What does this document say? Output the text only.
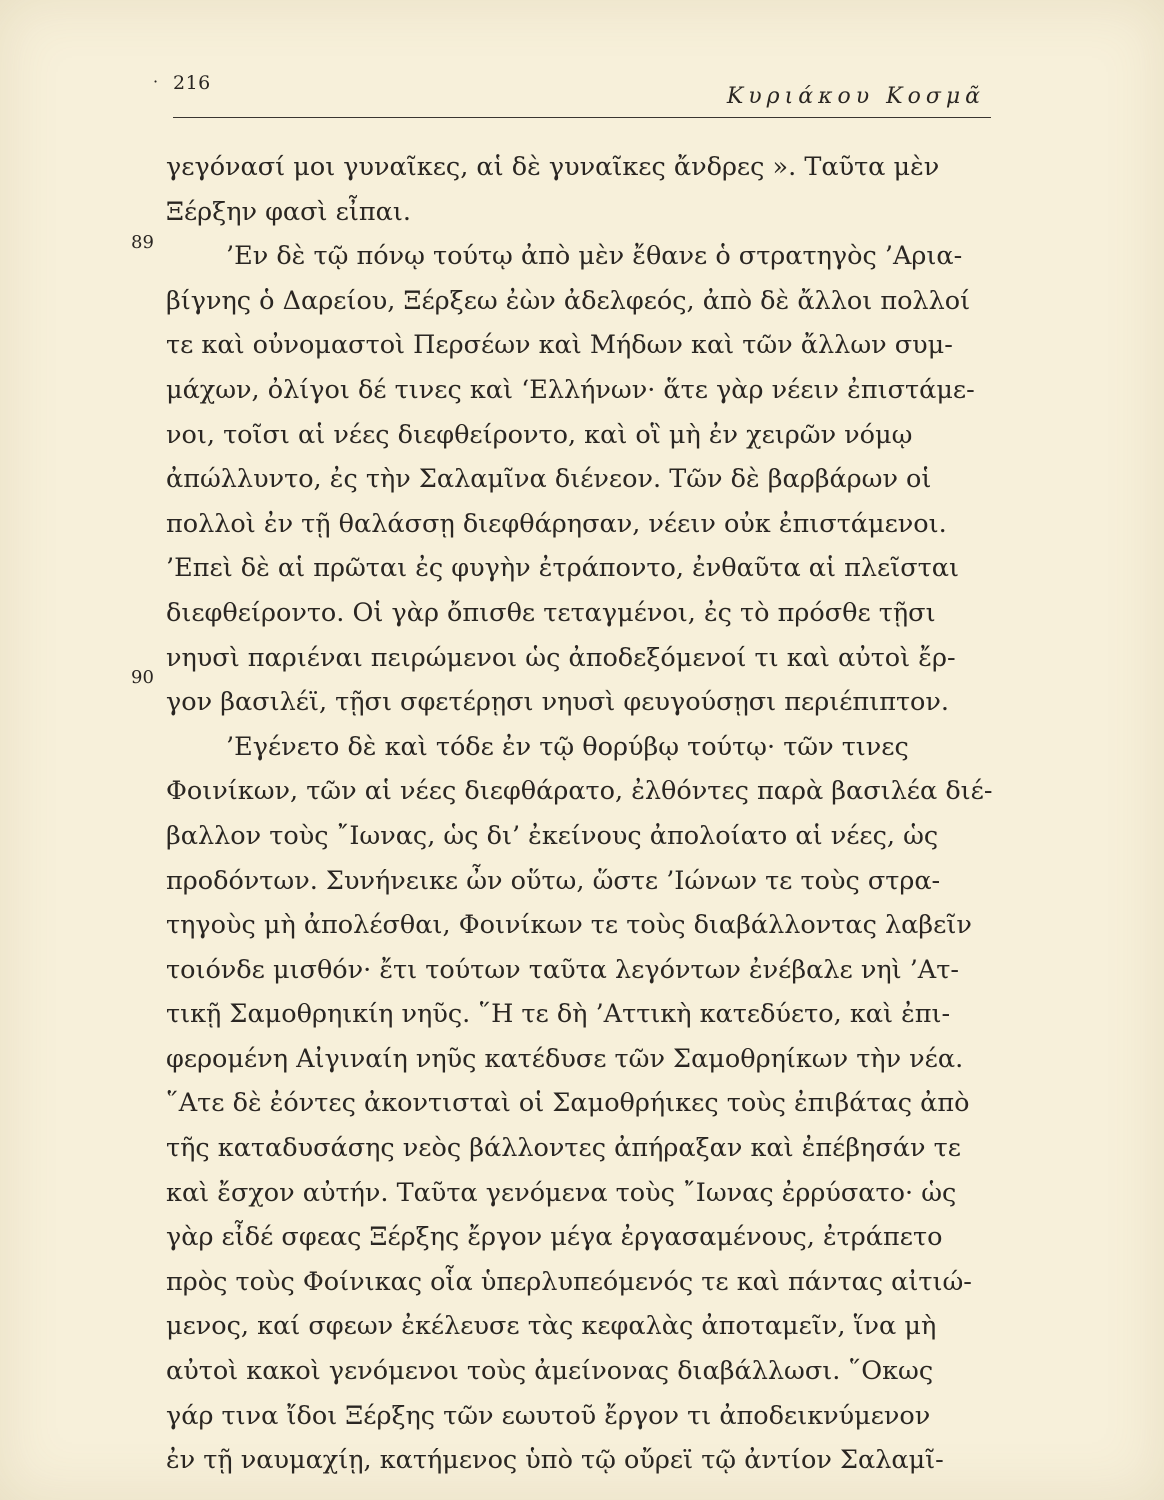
· 216
Κυριάκου Κοσμᾶ
89
90
γεγόνασί μοι γυναῖκες, αἱ δὲ γυναῖκες ἄνδρες ». Ταῦτα μὲν
Ξέρξην φασὶ εἶπαι.
’Εν δὲ τῷ πόνῳ τούτῳ ἀπὸ μὲν ἔθανε ὁ στρατηγὸς ’Αρια-
βίγνης ὁ Δαρείου, Ξέρξεω ἐὼν ἀδελφεός, ἀπὸ δὲ ἄλλοι πολλοί
τε καὶ οὐνομαστοὶ Περσέων καὶ Μήδων καὶ τῶν ἄλλων συμ-
μάχων, ὀλίγοι δέ τινες καὶ ‘Ελλήνων· ἅτε γὰρ νέειν ἐπιστάμε-
νοι, τοῖσι αἱ νέες διεφθείροντο, καὶ οἳ μὴ ἐν χειρῶν νόμῳ
ἀπώλλυντο, ἐς τὴν Σαλαμῖνα διένεον. Τῶν δὲ βαρβάρων οἱ
πολλοὶ ἐν τῇ θαλάσσῃ διεφθάρησαν, νέειν οὐκ ἐπιστάμενοι.
’Επεὶ δὲ αἱ πρῶται ἐς φυγὴν ἐτράποντο, ἐνθαῦτα αἱ πλεῖσται
διεφθείροντο. Οἱ γὰρ ὄπισθε τεταγμένοι, ἐς τὸ πρόσθε τῇσι
νηυσὶ παριέναι πειρώμενοι ὡς ἀποδεξόμενοί τι καὶ αὐτοὶ ἔρ-
γον βασιλέϊ, τῇσι σφετέρῃσι νηυσὶ φευγούσῃσι περιέπιπτον.
’Εγένετο δὲ καὶ τόδε ἐν τῷ θορύβῳ τούτῳ· τῶν τινες
Φοινίκων, τῶν αἱ νέες διεφθάρατο, ἐλθόντες παρὰ βασιλέα διέ-
βαλλον τοὺς ῎Ιωνας, ὡς δι’ ἐκείνους ἀπολοίατο αἱ νέες, ὡς
προδόντων. Συνήνεικε ὦν οὕτω, ὥστε ’Ιώνων τε τοὺς στρα-
τηγοὺς μὴ ἀπολέσθαι, Φοινίκων τε τοὺς διαβάλλοντας λαβεῖν
τοιόνδε μισθόν· ἔτι τούτων ταῦτα λεγόντων ἐνέβαλε νηὶ ’Ατ-
τικῇ Σαμοθρηικίη νηῦς. ῞Η τε δὴ ’Αττικὴ κατεδύετο, καὶ ἐπι-
φερομένη Αἰγιναίη νηῦς κατέδυσε τῶν Σαμοθρηίκων τὴν νέα.
῞Ατε δὲ ἐόντες ἀκοντισταὶ οἱ Σαμοθρήικες τοὺς ἐπιβάτας ἀπὸ
τῆς καταδυσάσης νεὸς βάλλοντες ἀπήραξαν καὶ ἐπέβησάν τε
καὶ ἔσχον αὐτήν. Ταῦτα γενόμενα τοὺς ῎Ιωνας ἐρρύσατο· ὡς
γὰρ εἶδέ σφεας Ξέρξης ἔργον μέγα ἐργασαμένους, ἐτράπετο
πρὸς τοὺς Φοίνικας οἷα ὑπερλυπεόμενός τε καὶ πάντας αἰτιώ-
μενος, καί σφεων ἐκέλευσε τὰς κεφαλὰς ἀποταμεῖν, ἵνα μὴ
αὐτοὶ κακοὶ γενόμενοι τοὺς ἀμείνονας διαβάλλωσι. ῞Οκως
γάρ τινα ἴδοι Ξέρξης τῶν εωυτοῦ ἔργον τι ἀποδεικνύμενον
ἐν τῇ ναυμαχίῃ, κατήμενος ὑπὸ τῷ οὔρεϊ τῷ ἀντίον Σαλαμῖ-
